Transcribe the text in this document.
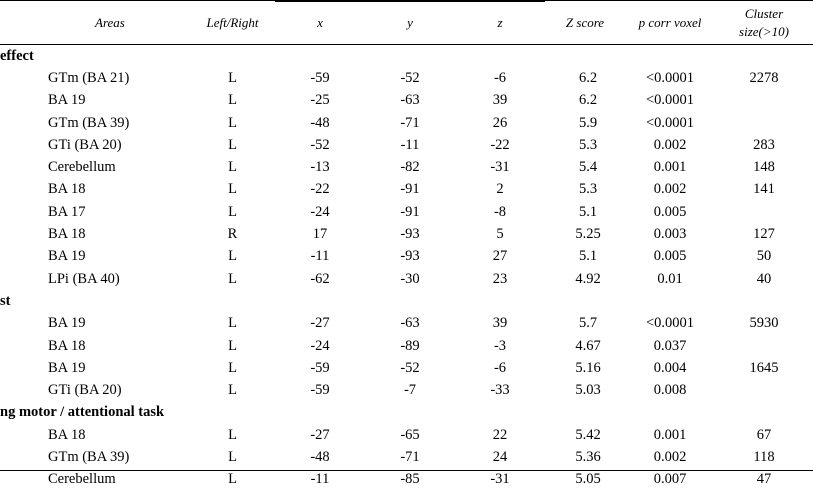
Areas	Left/Right	x	y	z	Z score	p corr voxel	Cluster
size(>10)
effect							
GTm (BA 21)	L	-59	-52	-6	6.2	<0.0001	2278
BA 19	L	-25	-63	39	6.2	<0.0001	
GTm (BA 39)	L	-48	-71	26	5.9	<0.0001	
GTi (BA 20)	L	-52	-11	-22	5.3	0.002	283
Cerebellum	L	-13	-82	-31	5.4	0.001	148
BA 18	L	-22	-91	2	5.3	0.002	141
BA 17	L	-24	-91	-8	5.1	0.005	
BA 18	R	17	-93	5	5.25	0.003	127
BA 19	L	-11	-93	27	5.1	0.005	50
LPi (BA 40)	L	-62	-30	23	4.92	0.01	40
st							
BA 19	L	-27	-63	39	5.7	<0.0001	5930
BA 18	L	-24	-89	-3	4.67	0.037	
BA 19	L	-59	-52	-6	5.16	0.004	1645
GTi (BA 20)	L	-59	-7	-33	5.03	0.008	
ng motor / attentional task							
BA 18	L	-27	-65	22	5.42	0.001	67
GTm (BA 39)	L	-48	-71	24	5.36	0.002	118
Cerebellum	L	-11	-85	-31	5.05	0.007	47
